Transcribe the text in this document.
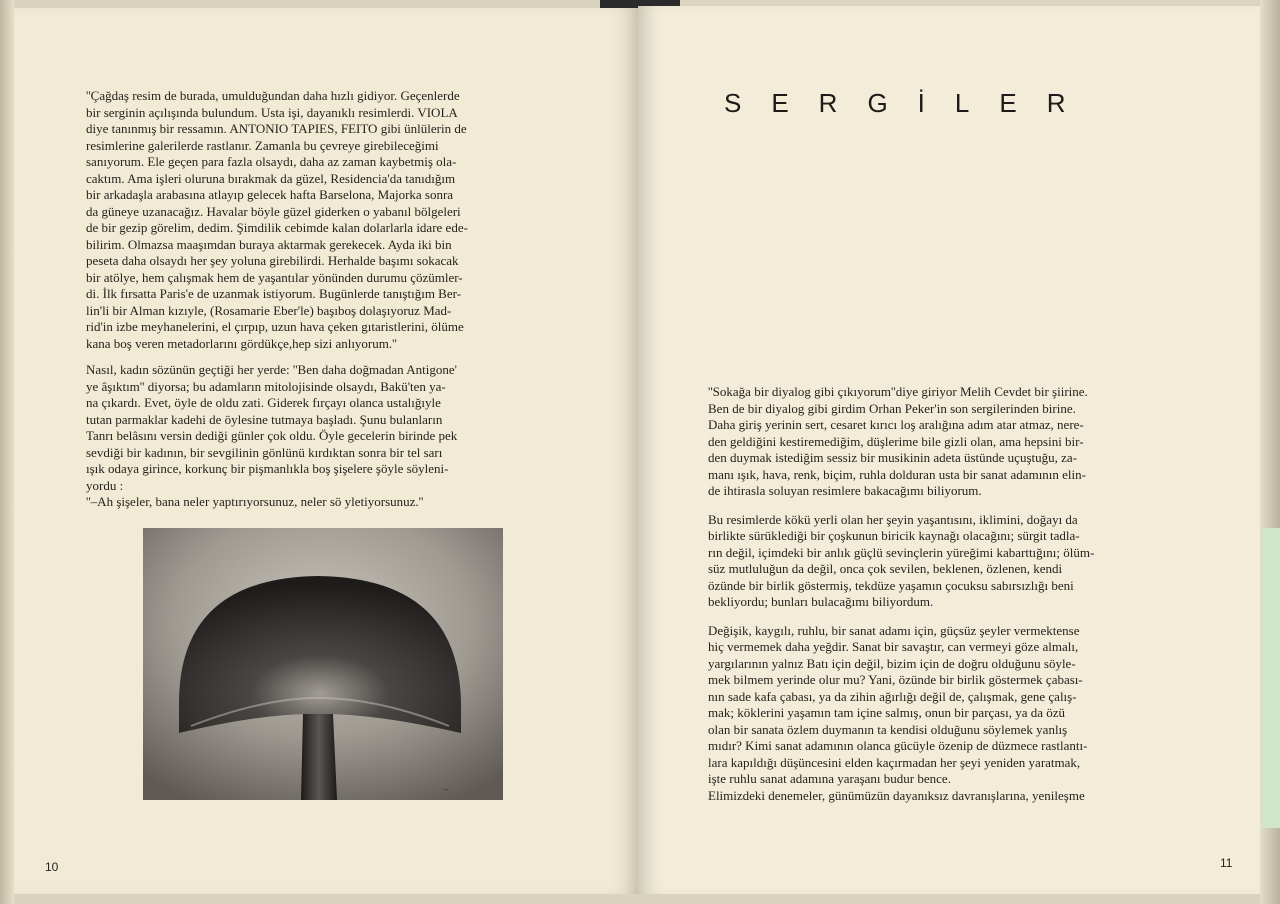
''Çağdaş resim de burada, umulduğundan daha hızlı gidiyor. Geçenlerde
bir serginin açılışında bulundum. Usta işi, dayanıklı resimlerdi. VIOLA
diye tanınmış bir ressamın. ANTONIO TAPIES, FEITO gibi ünlülerin de
resimlerine galerilerde rastlanır. Zamanla bu çevreye girebileceğimi
sanıyorum. Ele geçen para fazla olsaydı, daha az zaman kaybetmiş ola-
caktım. Ama işleri oluruna bırakmak da güzel, Residencia'da tanıdığım
bir arkadaşla arabasına atlayıp gelecek hafta Barselona, Majorka sonra
da güneye uzanacağız. Havalar böyle güzel giderken o yabanıl bölgeleri
de bir gezip görelim, dedim. Şimdilik cebimde kalan dolarlarla idare ede-
bilirim. Olmazsa maaşımdan buraya aktarmak gerekecek. Ayda iki bin
peseta daha olsaydı her şey yoluna girebilirdi. Herhalde başımı sokacak
bir atölye, hem çalışmak hem de yaşantılar yönünden durumu çözümler-
di. İlk fırsatta Paris'e de uzanmak istiyorum. Bugünlerde tanıştığım Ber-
lin'li bir Alman kızıyle, (Rosamarie Eber'le) başıboş dolaşıyoruz Mad-
rid'in izbe meyhanelerini, el çırpıp, uzun hava çeken gıtaristlerini, ölüme
kana boş veren metadorlarını gördükçe,hep sizi anlıyorum.''

Nasıl, kadın sözünün geçtiği her yerde: ''Ben daha doğmadan Antigone'
ye âşıktım'' diyorsa; bu adamların mitolojisinde olsaydı, Bakü'ten ya-
na çıkardı. Evet, öyle de oldu zati. Giderek fırçayı olanca ustalığıyle
tutan parmaklar kadehi de öylesine tutmaya başladı. Şunu bulanların
Tanrı belâsını versin dediği günler çok oldu. Öyle gecelerin birinde pek
sevdiği bir kadının, bir sevgilinin gönlünü kırdıktan sonra bir tel sarı
ışık odaya girince, korkunç bir pişmanlıkla boş şişelere şöyle söyleni-
yordu :
''–Ah şişeler, bana neler yaptırıyorsunuz, neler sö yletiyorsunuz.''

~
10
SERGİLER

''Sokağa bir diyalog gibi çıkıyorum''diye giriyor Melih Cevdet bir şiirine.
Ben de bir diyalog gibi girdim Orhan Peker'in son sergilerinden birine.
Daha giriş yerinin sert, cesaret kırıcı loş aralığına adım atar atmaz, nere-
den geldiğini kestiremediğim, düşlerime bile gizli olan, ama hepsini bir-
den duymak istediğim sessiz bir musikinin adeta üstünde uçuştuğu, za-
manı ışık, hava, renk, biçim, ruhla dolduran usta bir sanat adamının elin-
de ihtirasla soluyan resimlere bakacağımı biliyorum.

Bu resimlerde kökü yerli olan her şeyin yaşantısını, iklimini, doğayı da
birlikte sürüklediği bir çoşkunun biricik kaynağı olacağını; sürgit tadla-
rın değil, içimdeki bir anlık güçlü sevinçlerin yüreğimi kabarttığını; ölüm-
süz mutluluğun da değil, onca çok sevilen, beklenen, özlenen, kendi
özünde bir birlik göstermiş, tekdüze yaşamın çocuksu sabırsızlığı beni
bekliyordu; bunları bulacağımı biliyordum.

Değişik, kaygılı, ruhlu, bir sanat adamı için, güçsüz şeyler vermektense
hiç vermemek daha yeğdir. Sanat bir savaştır, can vermeyi göze almalı,
yargılarının yalnız Batı için değil, bizim için de doğru olduğunu söyle-
mek bilmem yerinde olur mu? Yani, özünde bir birlik göstermek çabası-
nın sade kafa çabası, ya da zihin ağırlığı değil de, çalışmak, gene çalış-
mak; köklerini yaşamın tam içine salmış, onun bir parçası, ya da özü
olan bir sanata özlem duymanın ta kendisi olduğunu söylemek yanlış
mıdır? Kimi sanat adamının olanca gücüyle özenip de düzmece rastlantı-
lara kapıldığı düşüncesini elden kaçırmadan her şeyi yeniden yaratmak,
işte ruhlu sanat adamına yaraşanı budur bence.
Elimizdeki denemeler, günümüzün dayanıksız davranışlarına, yenileşme

11
